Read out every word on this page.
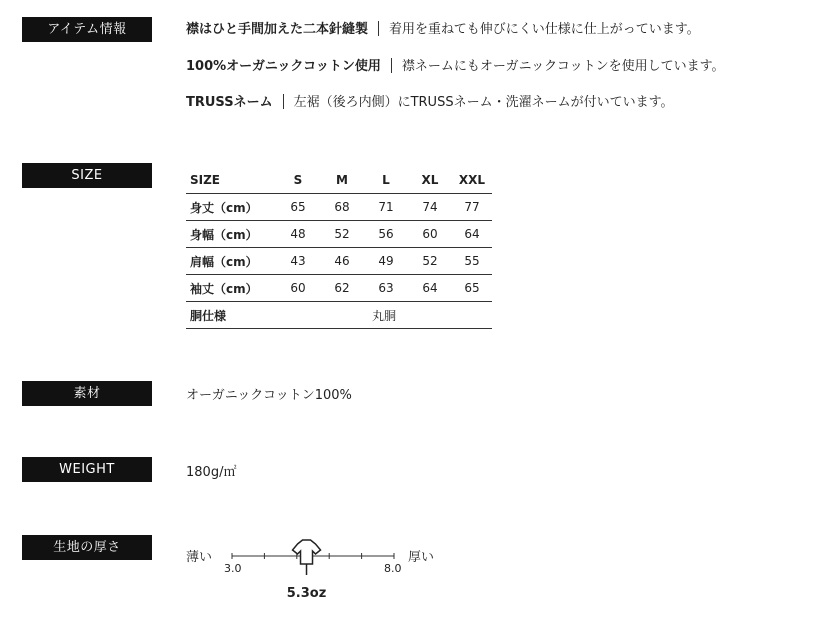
アイテム情報
SIZE
素材
WEIGHT
生地の厚さ
襟はひと手間加えた二本針縫製 着用を重ねても伸びにくい仕様に仕上がっています。
100%オーガニックコットン使用 襟ネームにもオーガニックコットンを使用しています。
TRUSSネーム 左裾（後ろ内側）にTRUSSネーム・洗濯ネームが付いています。
SIZE	S	M	L	XL	XXL
身丈（cm）	65	68	71	74	77
身幅（cm）	48	52	56	60	64
肩幅（cm）	43	46	49	52	55
袖丈（cm）	60	62	63	64	65
胴仕様	丸胴				
オーガニックコットン100%
180g/㎡
薄い	厚い
3.0	8.0
5.3oz
